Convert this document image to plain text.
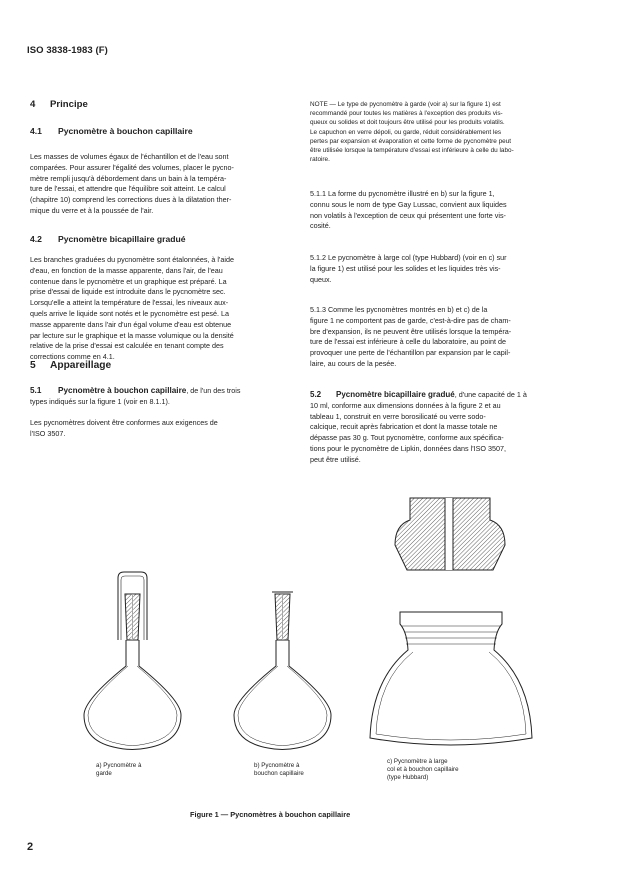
ISO 3838-1983 (F)
4 Principe
4.1 Pycnomètre à bouchon capillaire
Les masses de volumes égaux de l'échantillon et de l'eau sont
comparées. Pour assurer l'égalité des volumes, placer le pycno-
mètre rempli jusqu'à débordement dans un bain à la tempéra-
ture de l'essai, et attendre que l'équilibre soit atteint. Le calcul
(chapitre 10) comprend les corrections dues à la dilatation ther-
mique du verre et à la poussée de l'air.
4.2 Pycnomètre bicapillaire gradué
Les branches graduées du pycnomètre sont étalonnées, à l'aide
d'eau, en fonction de la masse apparente, dans l'air, de l'eau
contenue dans le pycnomètre et un graphique est préparé. La
prise d'essai de liquide est introduite dans le pycnomètre sec.
Lorsqu'elle a atteint la température de l'essai, les niveaux aux-
quels arrive le liquide sont notés et le pycnomètre est pesé. La
masse apparente dans l'air d'un égal volume d'eau est obtenue
par lecture sur le graphique et la masse volumique ou la densité
relative de la prise d'essai est calculée en tenant compte des
corrections comme en 4.1.
5 Appareillage
5.1 Pycnomètre à bouchon capillaire, de l'un des trois
types indiqués sur la figure 1 (voir en 8.1.1).
Les pycnomètres doivent être conformes aux exigences de
l'ISO 3507.
NOTE — Le type de pycnomètre à garde (voir a) sur la figure 1) est
recommandé pour toutes les matières à l'exception des produits vis-
queux ou solides et doit toujours être utilisé pour les produits volatils.
Le capuchon en verre dépoli, ou garde, réduit considérablement les
pertes par expansion et évaporation et cette forme de pycnomètre peut
être utilisée lorsque la température d'essai est inférieure à celle du labo-
ratoire.
5.1.1 La forme du pycnomètre illustré en b) sur la figure 1,
connu sous le nom de type Gay Lussac, convient aux liquides
non volatils à l'exception de ceux qui présentent une forte vis-
cosité.
5.1.2 Le pycnomètre à large col (type Hubbard) (voir en c) sur
la figure 1) est utilisé pour les solides et les liquides très vis-
queux.
5.1.3 Comme les pycnomètres montrés en b) et c) de la
figure 1 ne comportent pas de garde, c'est-à-dire pas de cham-
bre d'expansion, ils ne peuvent être utilisés lorsque la tempéra-
ture de l'essai est inférieure à celle du laboratoire, au point de
provoquer une perte de l'échantillon par expansion par le capil-
laire, au cours de la pesée.
5.2 Pycnomètre bicapillaire gradué, d'une capacité de 1 à
10 ml, conforme aux dimensions données à la figure 2 et au
tableau 1, construit en verre borosilicaté ou verre sodo-
calcique, recuit après fabrication et dont la masse totale ne
dépasse pas 30 g. Tout pycnomètre, conforme aux spécifica-
tions pour le pycnomètre de Lipkin, données dans l'ISO 3507,
peut être utilisé.
a) Pycnomètre à
garde
b) Pycnomètre à
bouchon capillaire
c) Pycnomètre à large
col et à bouchon capillaire
(type Hubbard)
Figure 1 — Pycnomètres à bouchon capillaire
2
